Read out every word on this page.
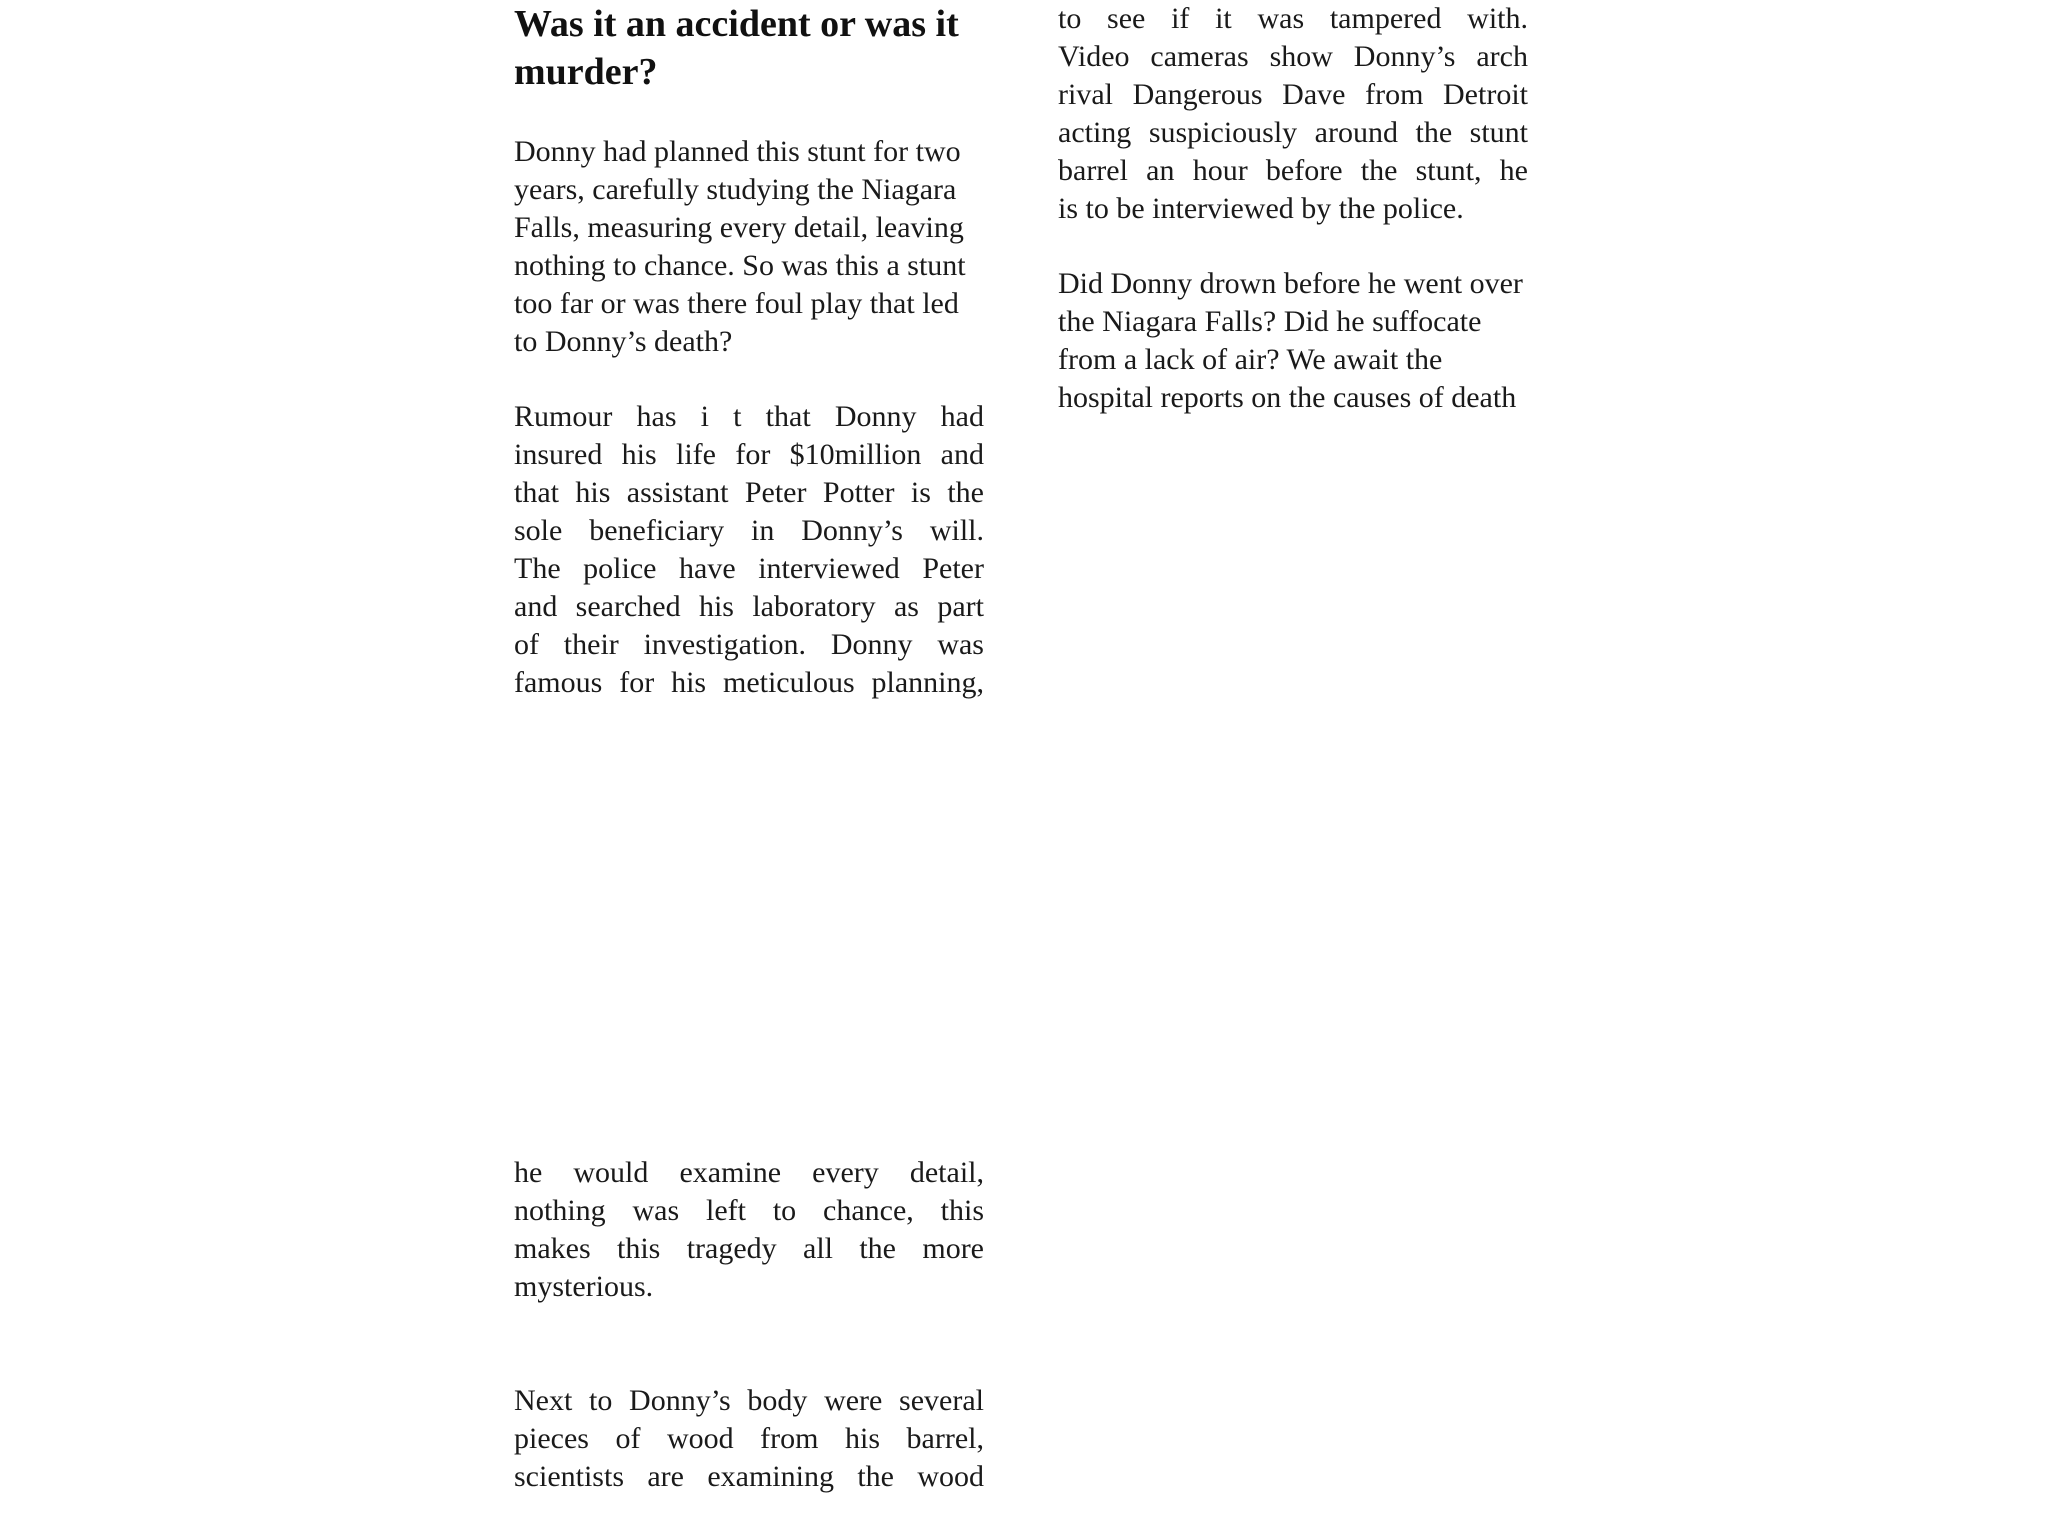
Was it an accident or was it murder?

Donny had planned this stunt for two years, carefully studying the Niagara Falls, measuring every detail, leaving nothing to chance. So was this a stunt too far or was there foul play that led to Donny’s death?

Rumour has i t that Donny had
insured his life for $10million and
that his assistant Peter Potter is the
sole beneficiary in Donny’s will.
The police have interviewed Peter
and searched his laboratory as part
of their investigation. Donny was
famous for his meticulous planning,
he would examine every detail,
nothing was left to chance, this
makes this tragedy all the more
mysterious.
Next to Donny’s body were several
pieces of wood from his barrel,
scientists are examining the wood
to see if it was tampered with.
Video cameras show Donny’s arch
rival Dangerous Dave from Detroit
acting suspiciously around the stunt
barrel an hour before the stunt, he
is to be interviewed by the police.

Did Donny drown before he went over the Niagara Falls? Did he suffocate from a lack of air? We await the hospital reports on the causes of death
